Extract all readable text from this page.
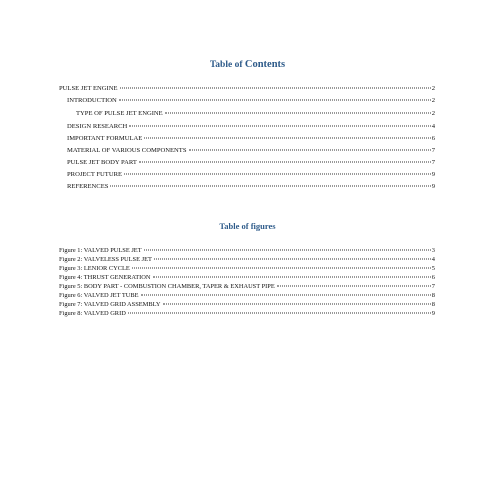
Table of Contents
PULSE JET ENGINE	2
INTRODUCTION	2
TYPE OF PULSE JET ENGINE	2
DESIGN RESEARCH	4
IMPORTANT FORMULAE	6
MATERIAL OF VARIOUS COMPONENTS	7
PULSE JET BODY PART	7
PROJECT FUTURE	9
REFERENCES	9
Table of figures
Figure 1: VALVED PULSE JET	3
Figure 2: VALVELESS PULSE JET	4
Figure 3: LENIOR CYCLE	5
Figure 4: THRUST GENERATION	6
Figure 5: BODY PART - COMBUSTION CHAMBER, TAPER & EXHAUST PIPE	7
Figure 6: VALVED JET TUBE	8
Figure 7: VALVED GRID ASSEMBLY	8
Figure 8: VALVED GRID	9
